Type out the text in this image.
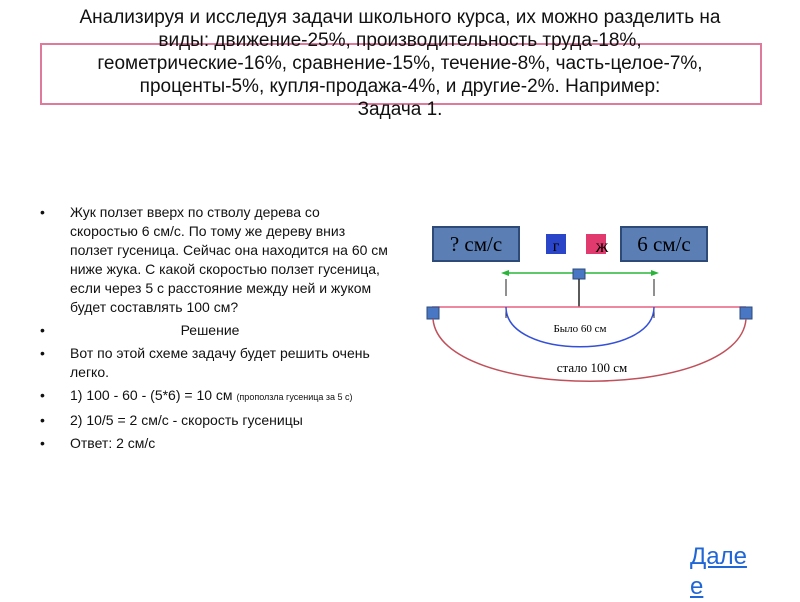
Анализируя и исследуя задачи школьного курса, их можно разделить на
виды: движение-25%, производительность труда-18%,
геометрические-16%, сравнение-15%, течение-8%, часть-целое-7%,
проценты-5%, купля-продажа-4%, и другие-2%. Например:
Задача 1.
• Жук ползет вверх по стволу дерева со скоростью 6 см/с. По тому же дереву вниз ползет гусеница. Сейчас она находится на 60 см ниже жука. С какой скоростью ползет гусеница, если через 5 с расстояние между ней и жуком будет составлять 100 см?
• Решение
• Вот по этой схеме задачу будет решить очень легко.
• 1) 100 - 60 - (5*6) = 10 см (проползла гусеница за 5 с)
• 2) 10/5 = 2 см/с - скорость гусеницы
• Ответ: 2 см/с
? см/с	6 см/с
г ж
Было 60 см
стало 100 см
Дале е
